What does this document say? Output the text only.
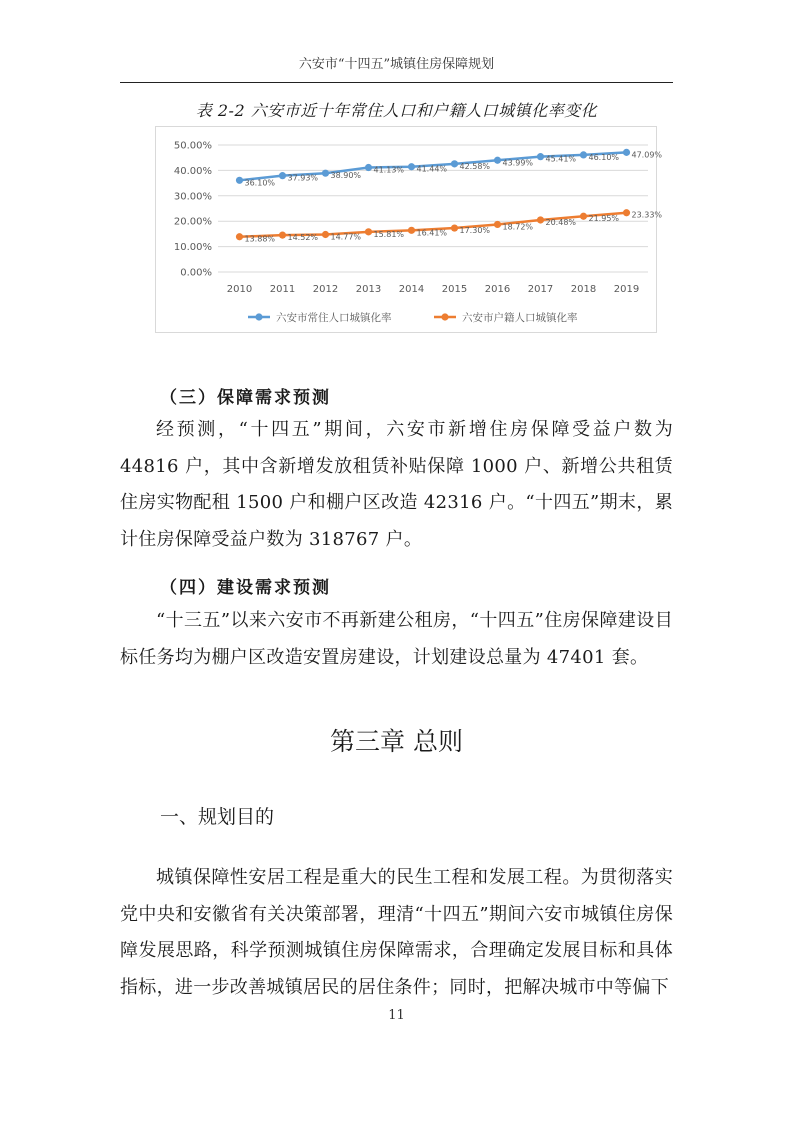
六安市“十四五”城镇住房保障规划
表 2-2 六安市近十年常住人口和户籍人口城镇化率变化
0.00%
10.00%
20.00%
30.00%
40.00%
50.00%
2010 2011 2012 2013 2014 2015 2016 2017 2018 2019
36.10%
37.93% 38.90%
41.13% 41.44% 42.58% 43.99% 45.41% 46.10% 47.09%
13.88% 14.52% 14.77% 15.81% 16.41% 17.30% 18.72% 20.48% 21.95% 23.33%
六安市常住人口城镇化率	六安市户籍人口城镇化率
（三）保障需求预测

经预测，“十四五”期间，六安市新增住房保障受益户数为 44816 户，其中含新增发放租赁补贴保障 1000 户、新增公共租赁住房实物配租 1500 户和棚户区改造 42316 户。“十四五”期末，累计住房保障受益户数为 318767 户。

（四）建设需求预测

“十三五”以来六安市不再新建公租房，“十四五”住房保障建设目标任务均为棚户区改造安置房建设，计划建设总量为 47401 套。

第三章 总则
一、规划目的

城镇保障性安居工程是重大的民生工程和发展工程。为贯彻落实党中央和安徽省有关决策部署，理清“十四五”期间六安市城镇住房保障发展思路，科学预测城镇住房保障需求，合理确定发展目标和具体指标，进一步改善城镇居民的居住条件；同时，把解决城市中等偏下

11
